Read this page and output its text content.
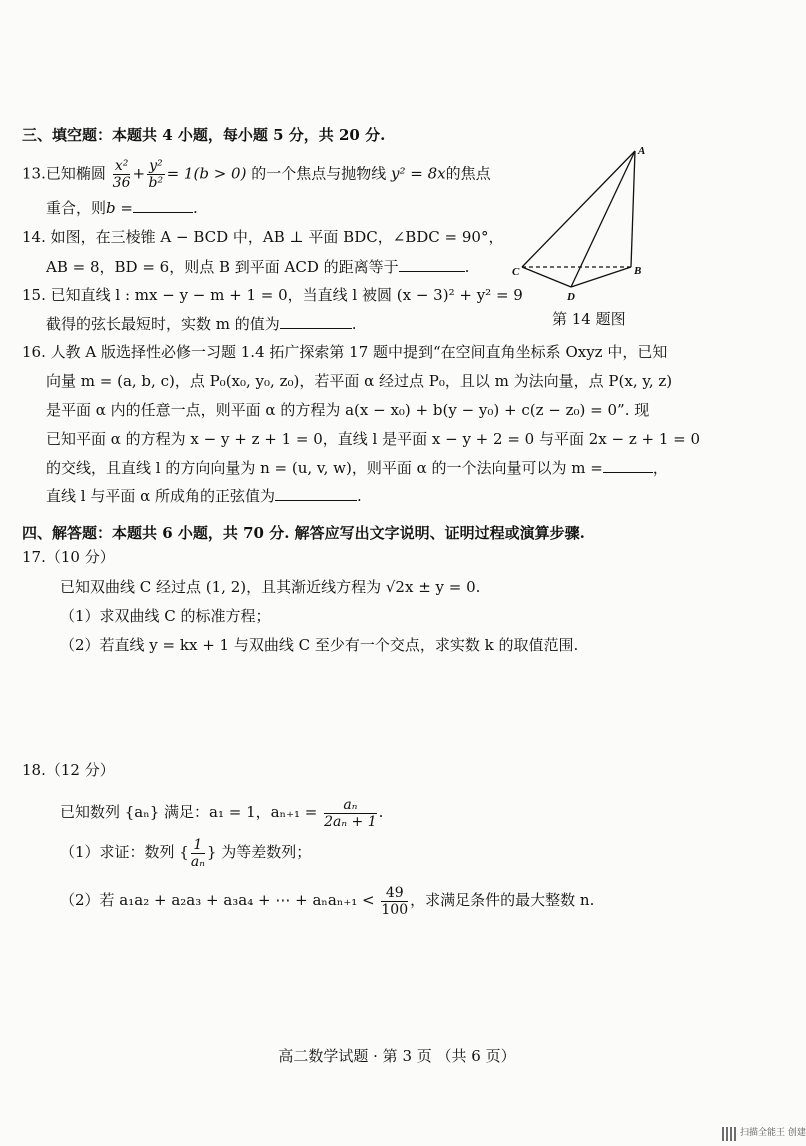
三、填空题：本题共 4 小题，每小题 5 分，共 20 分.
13.已知椭圆 $\frac{\text{x²}}{36} + \frac{\text{y²}}{\text{b²}} = 1(b > 0)$ 的一个焦点与抛物线 y² = 8x的焦点
重合，则b =	.
14. 如图，在三棱锥 A − BCD 中，AB ⊥ 平面 BDC，∠BDC = 90°，
AB = 8，BD = 6，则点 B 到平面 ACD 的距离等于	.
A
B
C
D
第 14 题图
15. 已知直线 l : mx − y − m + 1 = 0，当直线 l 被圆 (x − 3)² + y² = 9
截得的弦长最短时，实数 m 的值为	.
16. 人教 A 版选择性必修一习题 1.4 拓广探索第 17 题中提到“在空间直角坐标系 Oxyz 中，已知
向量 m = (a, b, c)，点 P₀(x₀, y₀, z₀)，若平面 α 经过点 P₀，且以 m 为法向量，点 P(x, y, z)
是平面 α 内的任意一点，则平面 α 的方程为 a(x − x₀) + b(y − y₀) + c(z − z₀) = 0”. 现
已知平面 α 的方程为 x − y + z + 1 = 0，直线 l 是平面 x − y + 2 = 0 与平面 2x − z + 1 = 0
的交线，且直线 l 的方向向量为 n = (u, v, w)，则平面 α 的一个法向量可以为 m =	，
直线 l 与平面 α 所成角的正弦值为	.
四、解答题：本题共 6 小题，共 70 分. 解答应写出文字说明、证明过程或演算步骤.
17.（10 分）
已知双曲线 C 经过点 (1, 2)，且其渐近线方程为 √2x ± y = 0.
（1）求双曲线 C 的标准方程；
（2）若直线 y = kx + 1 与双曲线 C 至少有一个交点，求实数 k 的取值范围.
18.（12 分）
已知数列 {aₙ} 满足：a₁ = 1，$a_{n+1} = \frac{\text{aₙ}}{\text{2aₙ + 1}}$ .
（1）求证：数列 { $\frac{1}{\text{aₙ}}$ } 为等差数列；
（2）若 a₁a₂ + a₂a₃ + a₃a₄ + ⋯ + $a_na_{n+1} < \frac{49}{100}$ ，求满足条件的最大整数 n.
高二数学试题 · 第 3 页 （共 6 页）
扫描全能王 创建
